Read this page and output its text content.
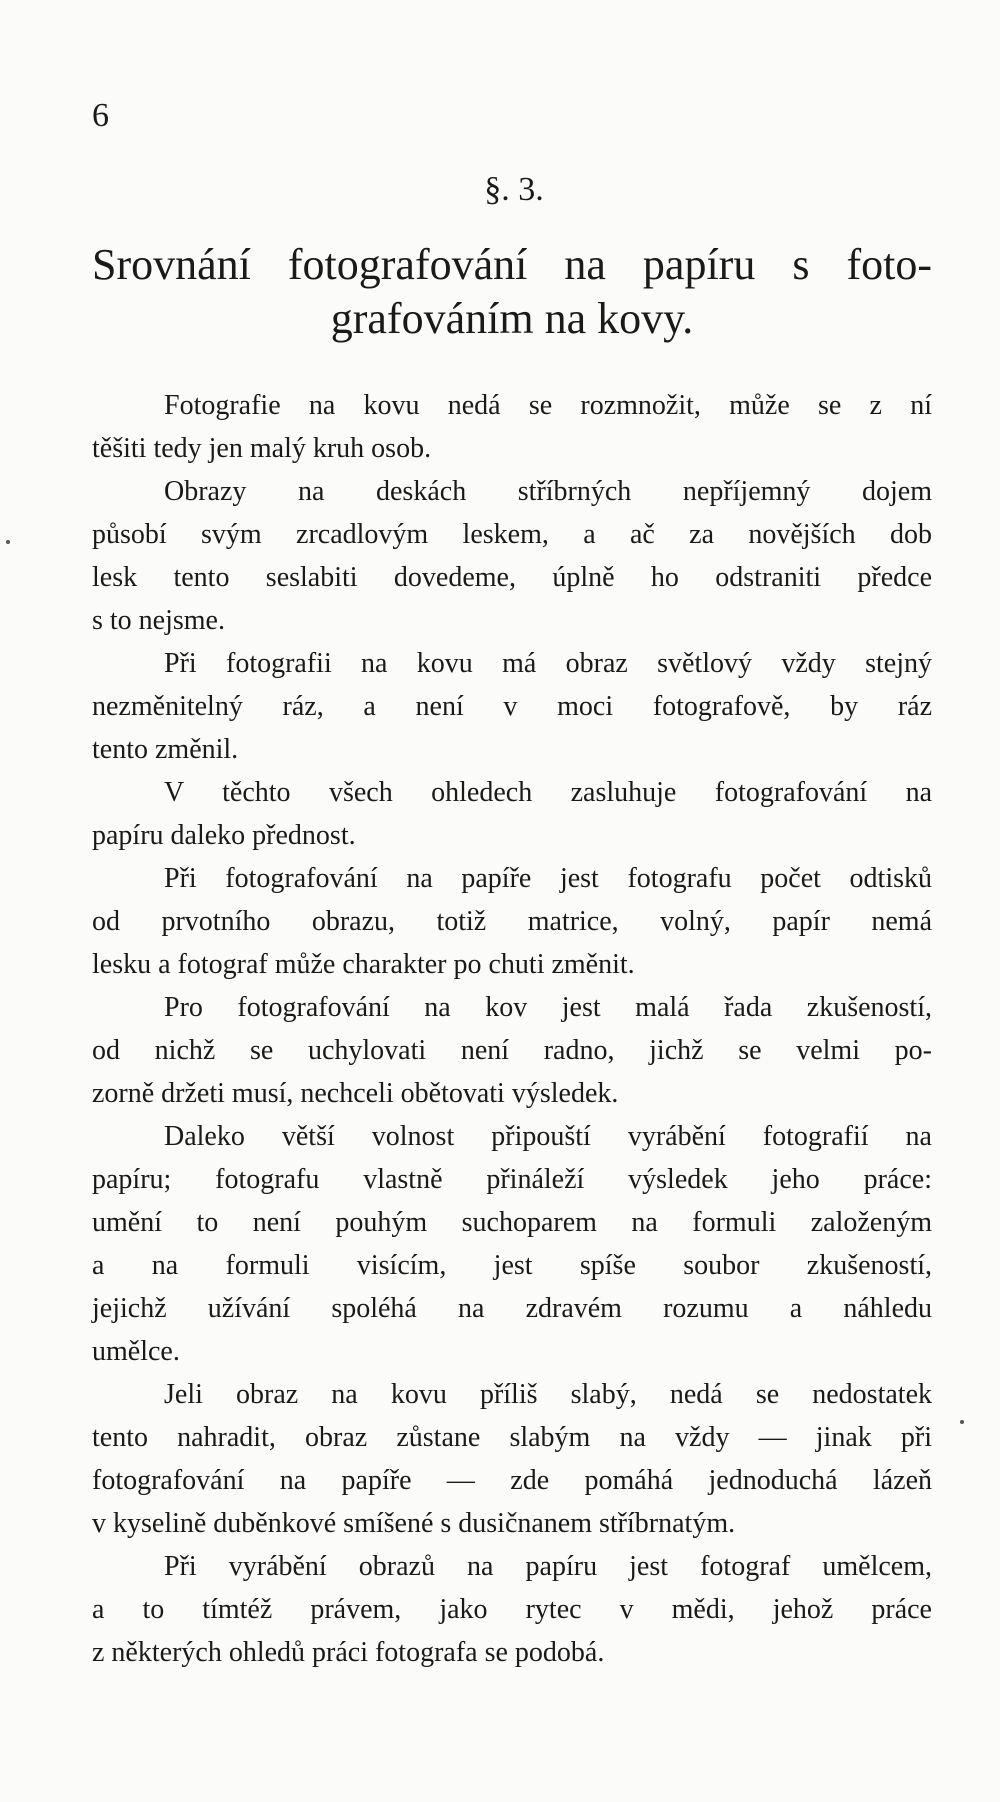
6
§. 3.
Srovnání fotografování na papíru s foto-
grafováním na kovy.

Fotografie na kovu nedá se rozmnožit, může se z ní
těšiti tedy jen malý kruh osob.

Obrazy na deskách stříbrných nepříjemný dojem
působí svým zrcadlovým leskem, a ač za novějších dob
lesk tento seslabiti dovedeme, úplně ho odstraniti předce
s to nejsme.

Při fotografii na kovu má obraz světlový vždy stejný
nezměnitelný ráz, a není v moci fotografově, by ráz
tento změnil.

V těchto všech ohledech zasluhuje fotografování na
papíru daleko přednost.

Při fotografování na papíře jest fotografu počet odtisků
od prvotního obrazu, totiž matrice, volný, papír nemá
lesku a fotograf může charakter po chuti změnit.

Pro fotografování na kov jest malá řada zkušeností,
od nichž se uchylovati není radno, jichž se velmi po-
zorně držeti musí, nechceli obětovati výsledek.

Daleko větší volnost připouští vyrábění fotografií na
papíru; fotografu vlastně přináleží výsledek jeho práce:
umění to není pouhým suchoparem na formuli založeným
a na formuli visícím, jest spíše soubor zkušeností,
jejichž užívání spoléhá na zdravém rozumu a náhledu
umělce.

Jeli obraz na kovu příliš slabý, nedá se nedostatek
tento nahradit, obraz zůstane slabým na vždy — jinak při
fotografování na papíře — zde pomáhá jednoduchá lázeň
v kyselině duběnkové smíšené s dusičnanem stříbrnatým.

Při vyrábění obrazů na papíru jest fotograf umělcem,
a to tímtéž právem, jako rytec v mědi, jehož práce
z některých ohledů práci fotografa se podobá.
